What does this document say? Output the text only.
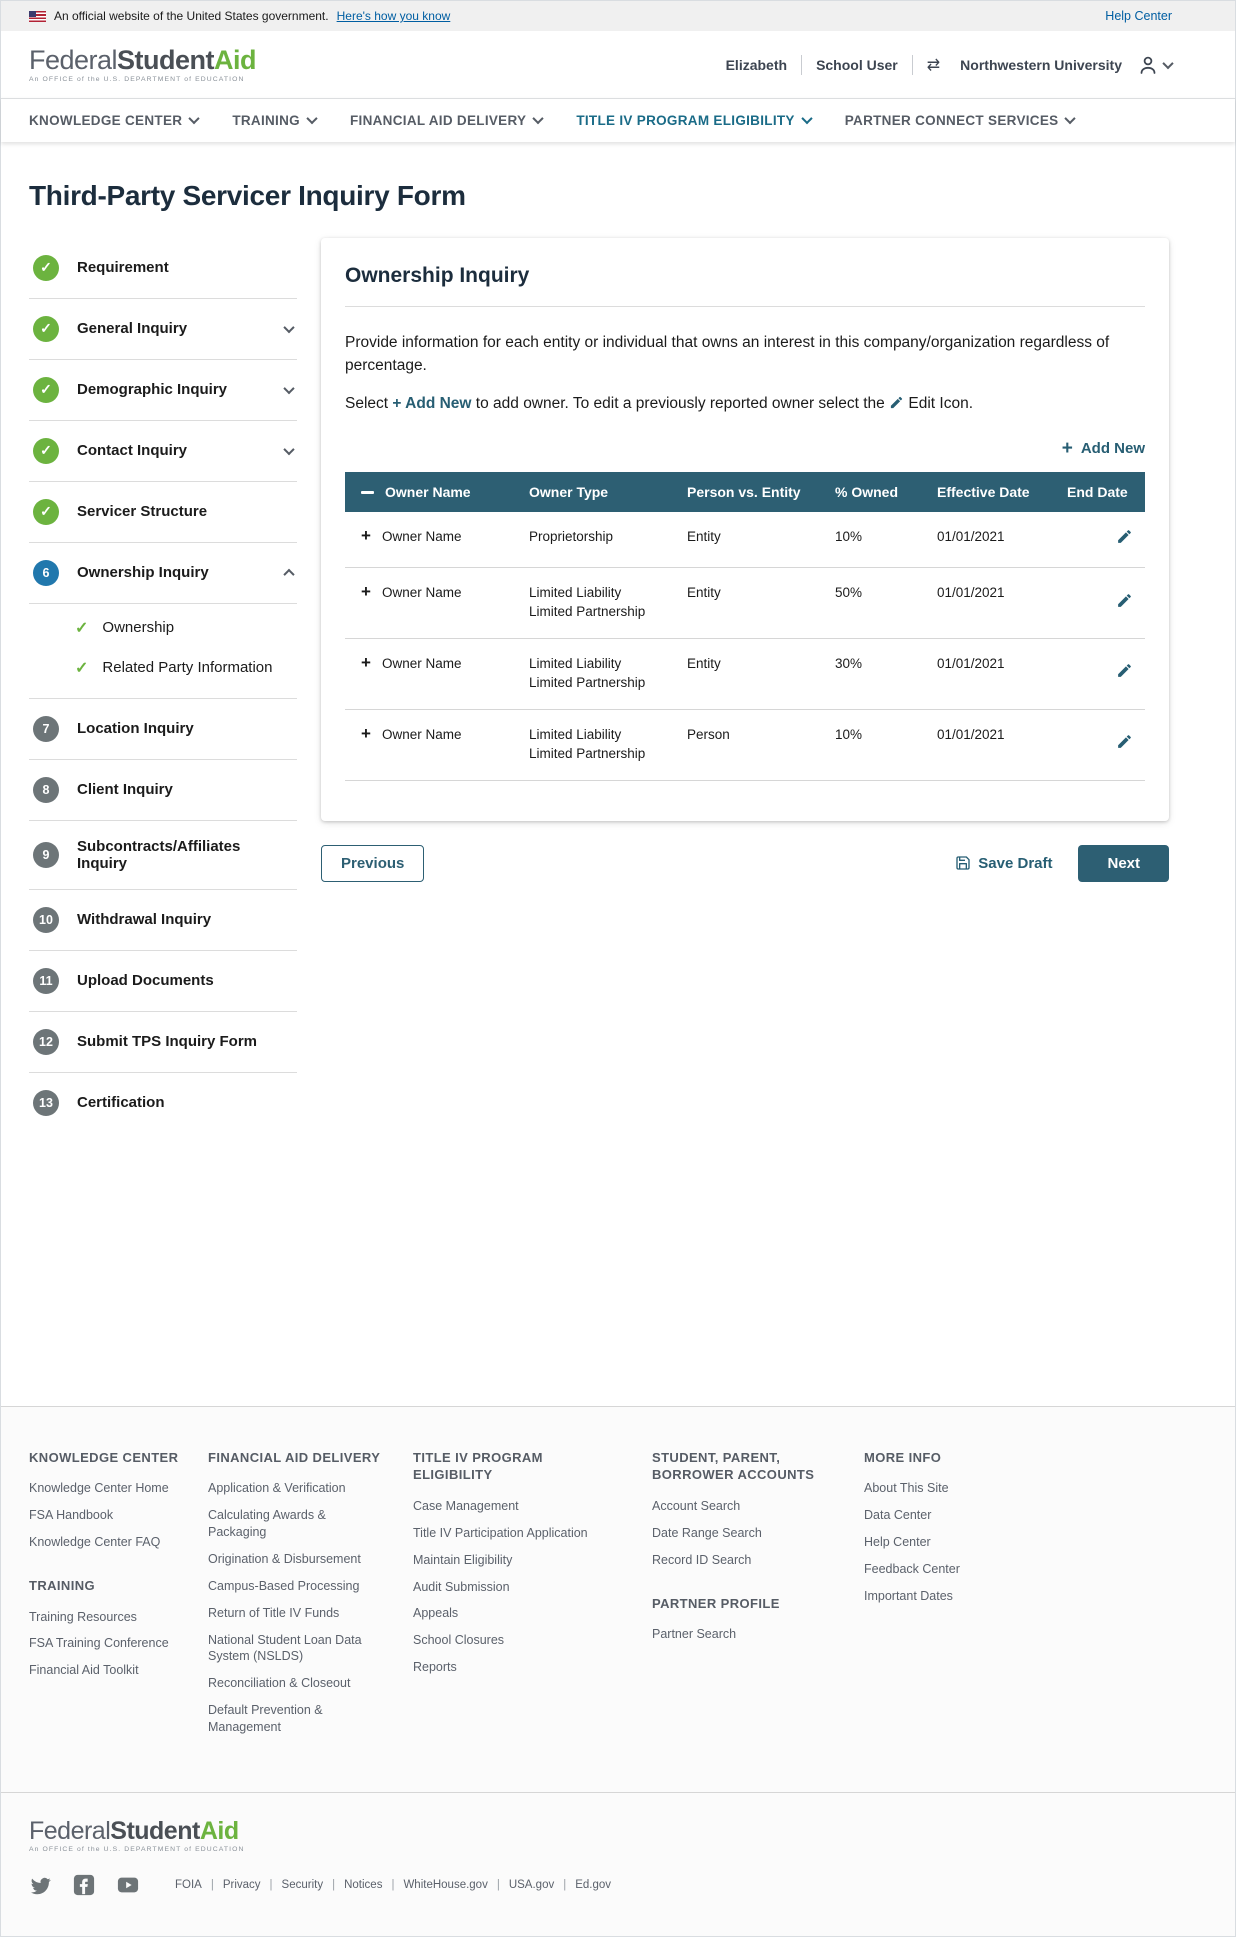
An official website of the United States government. Here's how you know	Help Center
FederalStudentAid
An OFFICE of the U.S. DEPARTMENT of EDUCATION
Elizabeth School User ⇄ Northwestern University
KNOWLEDGE CENTER	TRAINING	FINANCIAL AID DELIVERY	TITLE IV PROGRAM ELIGIBILITY	PARTNER CONNECT SERVICES
Third-Party Servicer Inquiry Form
✓
Requirement
✓
General Inquiry
✓
Demographic Inquiry
✓
Contact Inquiry
✓
Servicer Structure
6	Ownership Inquiry
✓ Ownership
✓ Related Party Information
7	Location Inquiry
8	Client Inquiry
9	Subcontracts/Affiliates Inquiry
10	Withdrawal Inquiry
11	Upload Documents
12	Submit TPS Inquiry Form
13	Certification
Ownership Inquiry

Provide information for each entity or individual that owns an interest in this company/organization regardless of percentage.

Select + Add New to add owner. To edit a previously reported owner select the  Edit Icon.

+ Add New
Owner Name	Owner Type	Person vs. Entity	% Owned	Effective Date	End Date

+ Owner Name	Proprietorship	Entity	10%	01/01/2021	

+ Owner Name	Limited Liability Limited Partnership	Entity	50%	01/01/2021	

+ Owner Name	Limited Liability Limited Partnership	Entity	30%	01/01/2021	

+ Owner Name	Limited Liability Limited Partnership	Person	10%	01/01/2021	
Previous	Save Draft	Next
KNOWLEDGE CENTER
Knowledge Center Home
FSA Handbook
Knowledge Center FAQ
TRAINING
Training Resources
FSA Training Conference
Financial Aid Toolkit
FINANCIAL AID DELIVERY
Application & Verification
Calculating Awards & Packaging
Origination & Disbursement
Campus-Based Processing
Return of Title IV Funds
National Student Loan Data System (NSLDS)
Reconciliation & Closeout
Default Prevention & Management
TITLE IV PROGRAM ELIGIBILITY
Case Management
Title IV Participation Application
Maintain Eligibility
Audit Submission
Appeals
School Closures
Reports
STUDENT, PARENT, BORROWER ACCOUNTS
Account Search
Date Range Search
Record ID Search
PARTNER PROFILE
Partner Search
MORE INFO
About This Site
Data Center
Help Center
Feedback Center
Important Dates
FederalStudentAid
An OFFICE of the U.S. DEPARTMENT of EDUCATION
FOIA	| Privacy	| Security	| Notices	| WhiteHouse.gov	| USA.gov	| Ed.gov
